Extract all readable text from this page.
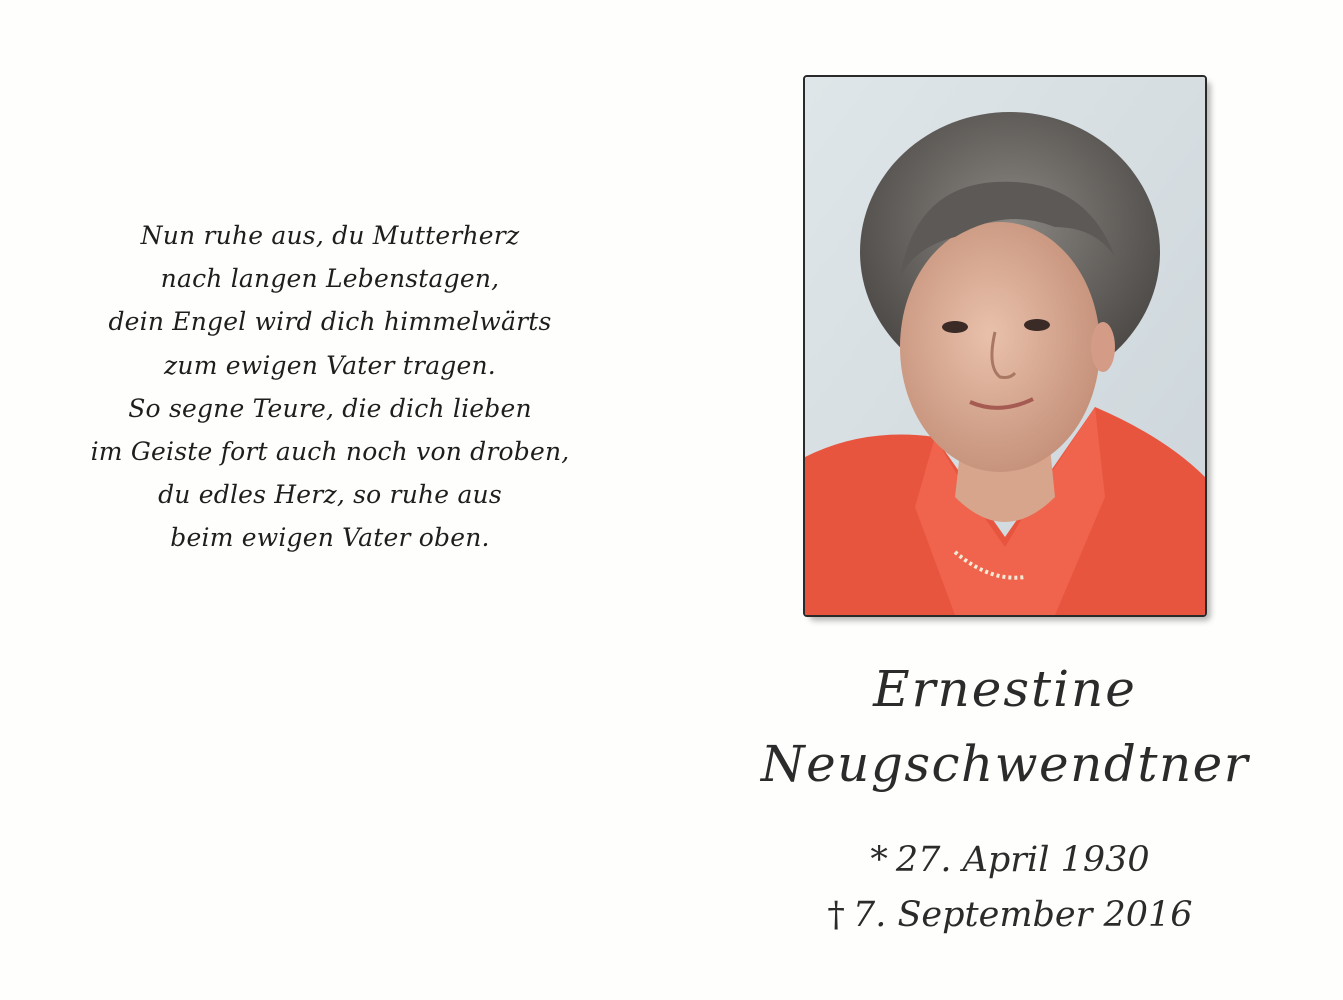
Nun ruhe aus, du Mutterherz
nach langen Lebenstagen,
dein Engel wird dich himmelwärts
zum ewigen Vater tragen.
So segne Teure, die dich lieben
im Geiste fort auch noch von droben,
du edles Herz, so ruhe aus
beim ewigen Vater oben.
Ernestine
Neugschwendtner
* 27. April 1930
† 7. September 2016
